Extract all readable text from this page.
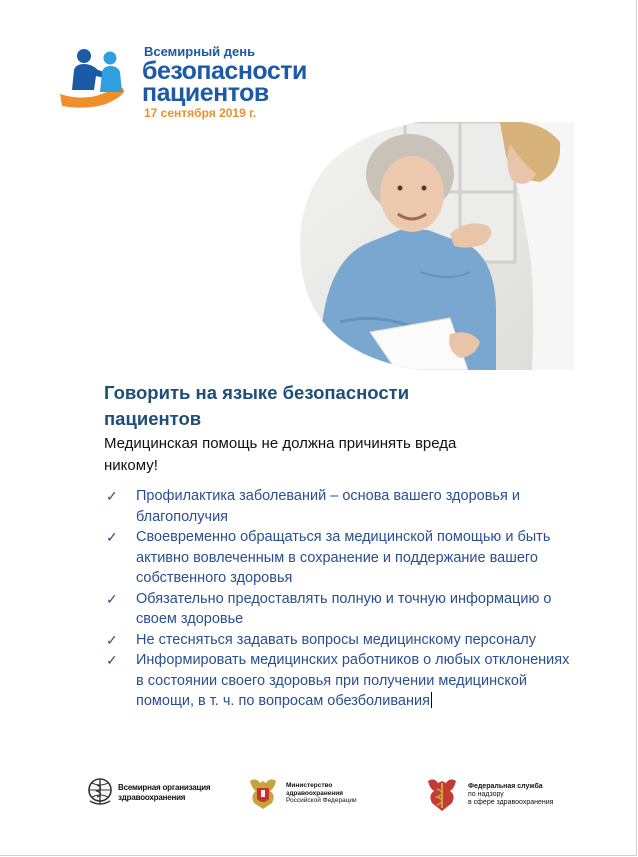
Всемирный день
безопасности
пациентов
17 сентября 2019 г.
Говорить на языке безопасности пациентов

Медицинская помощь не должна причинять вреда никому!

✓ Профилактика заболеваний – основа вашего здоровья и благополучия
✓ Своевременно обращаться за медицинской помощью и быть активно вовлеченным в сохранение и поддержание вашего собственного здоровья
✓ Обязательно предоставлять полную и точную информацию о своем здоровье
✓ Не стесняться задавать вопросы медицинскому персоналу
✓ Информировать медицинских работников о любых отклонениях в состоянии своего здоровья при получении медицинской помощи, в т. ч. по вопросам обезболивания
Всемирная организация
здравоохранения
Министерство
здравоохранения
Российской Федерации
Федеральная служба
по надзору
в сфере здравоохранения
